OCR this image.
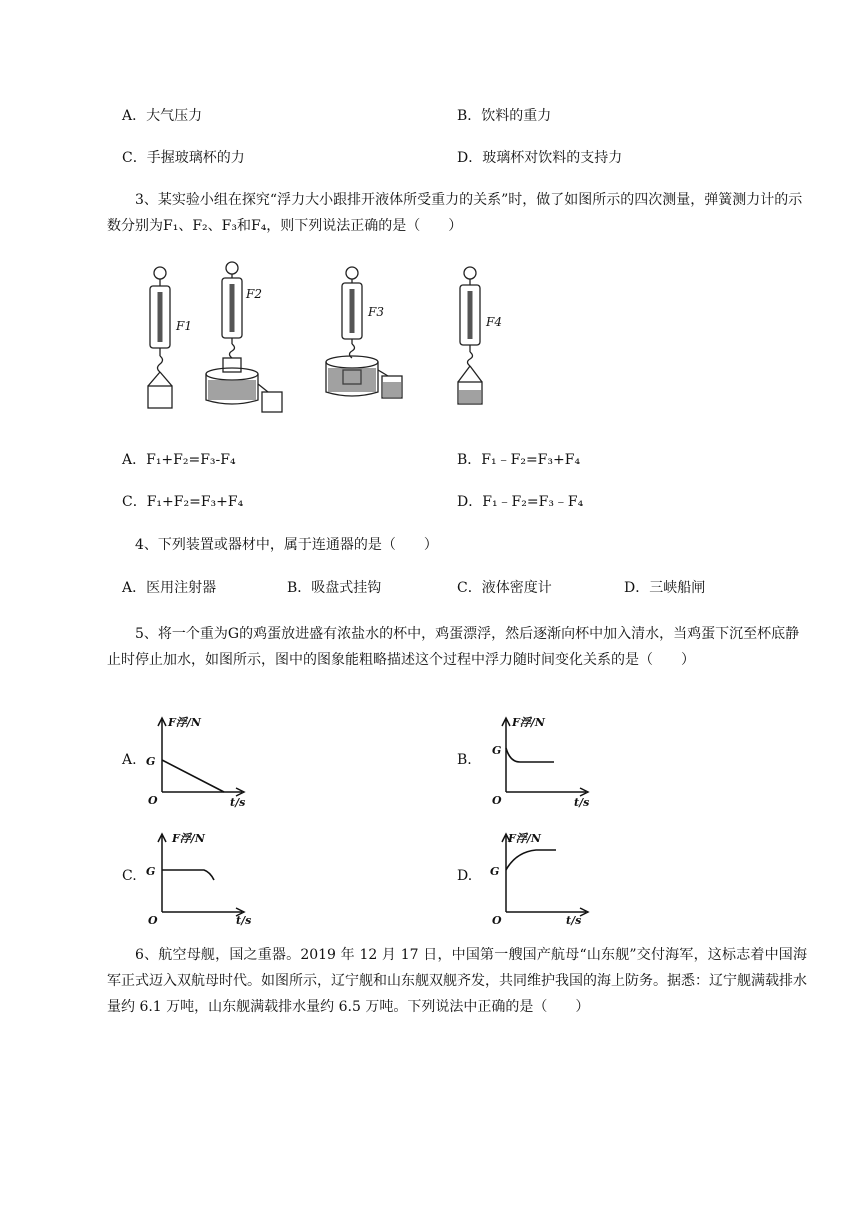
A．大气压力	B．饮料的重力
C．手握玻璃杯的力	D．玻璃杯对饮料的支持力
3、某实验小组在探究“浮力大小跟排开液体所受重力的关系”时，做了如图所示的四次测量，弹簧测力计的示数分别为F₁、F₂、F₃和F₄，则下列说法正确的是（　　）
F1
F2
F3
F4
A．F₁+F₂=F₃-F₄	B．F₁﹣F₂=F₃+F₄
C．F₁+F₂=F₃+F₄	D．F₁﹣F₂=F₃﹣F₄
4、下列装置或器材中，属于连通器的是（　　）
A．医用注射器	B．吸盘式挂钩	C．液体密度计	D．三峡船闸
5、将一个重为G的鸡蛋放进盛有浓盐水的杯中，鸡蛋漂浮，然后逐渐向杯中加入清水，当鸡蛋下沉至杯底静止时停止加水，如图所示，图中的图象能粗略描述这个过程中浮力随时间变化关系的是（　　）
A.
F浮/N
G
O	t/s
B.
F浮/N
G
O	t/s
C.
F浮/N
G
O	t/s
D.
F浮/N
G
O	t/s
6、航空母舰，国之重器。2019 年 12 月 17 日，中国第一艘国产航母“山东舰”交付海军，这标志着中国海军正式迈入双航母时代。如图所示，辽宁舰和山东舰双舰齐发，共同维护我国的海上防务。据悉：辽宁舰满载排水量约 6.1 万吨，山东舰满载排水量约 6.5 万吨。下列说法中正确的是（　　）
